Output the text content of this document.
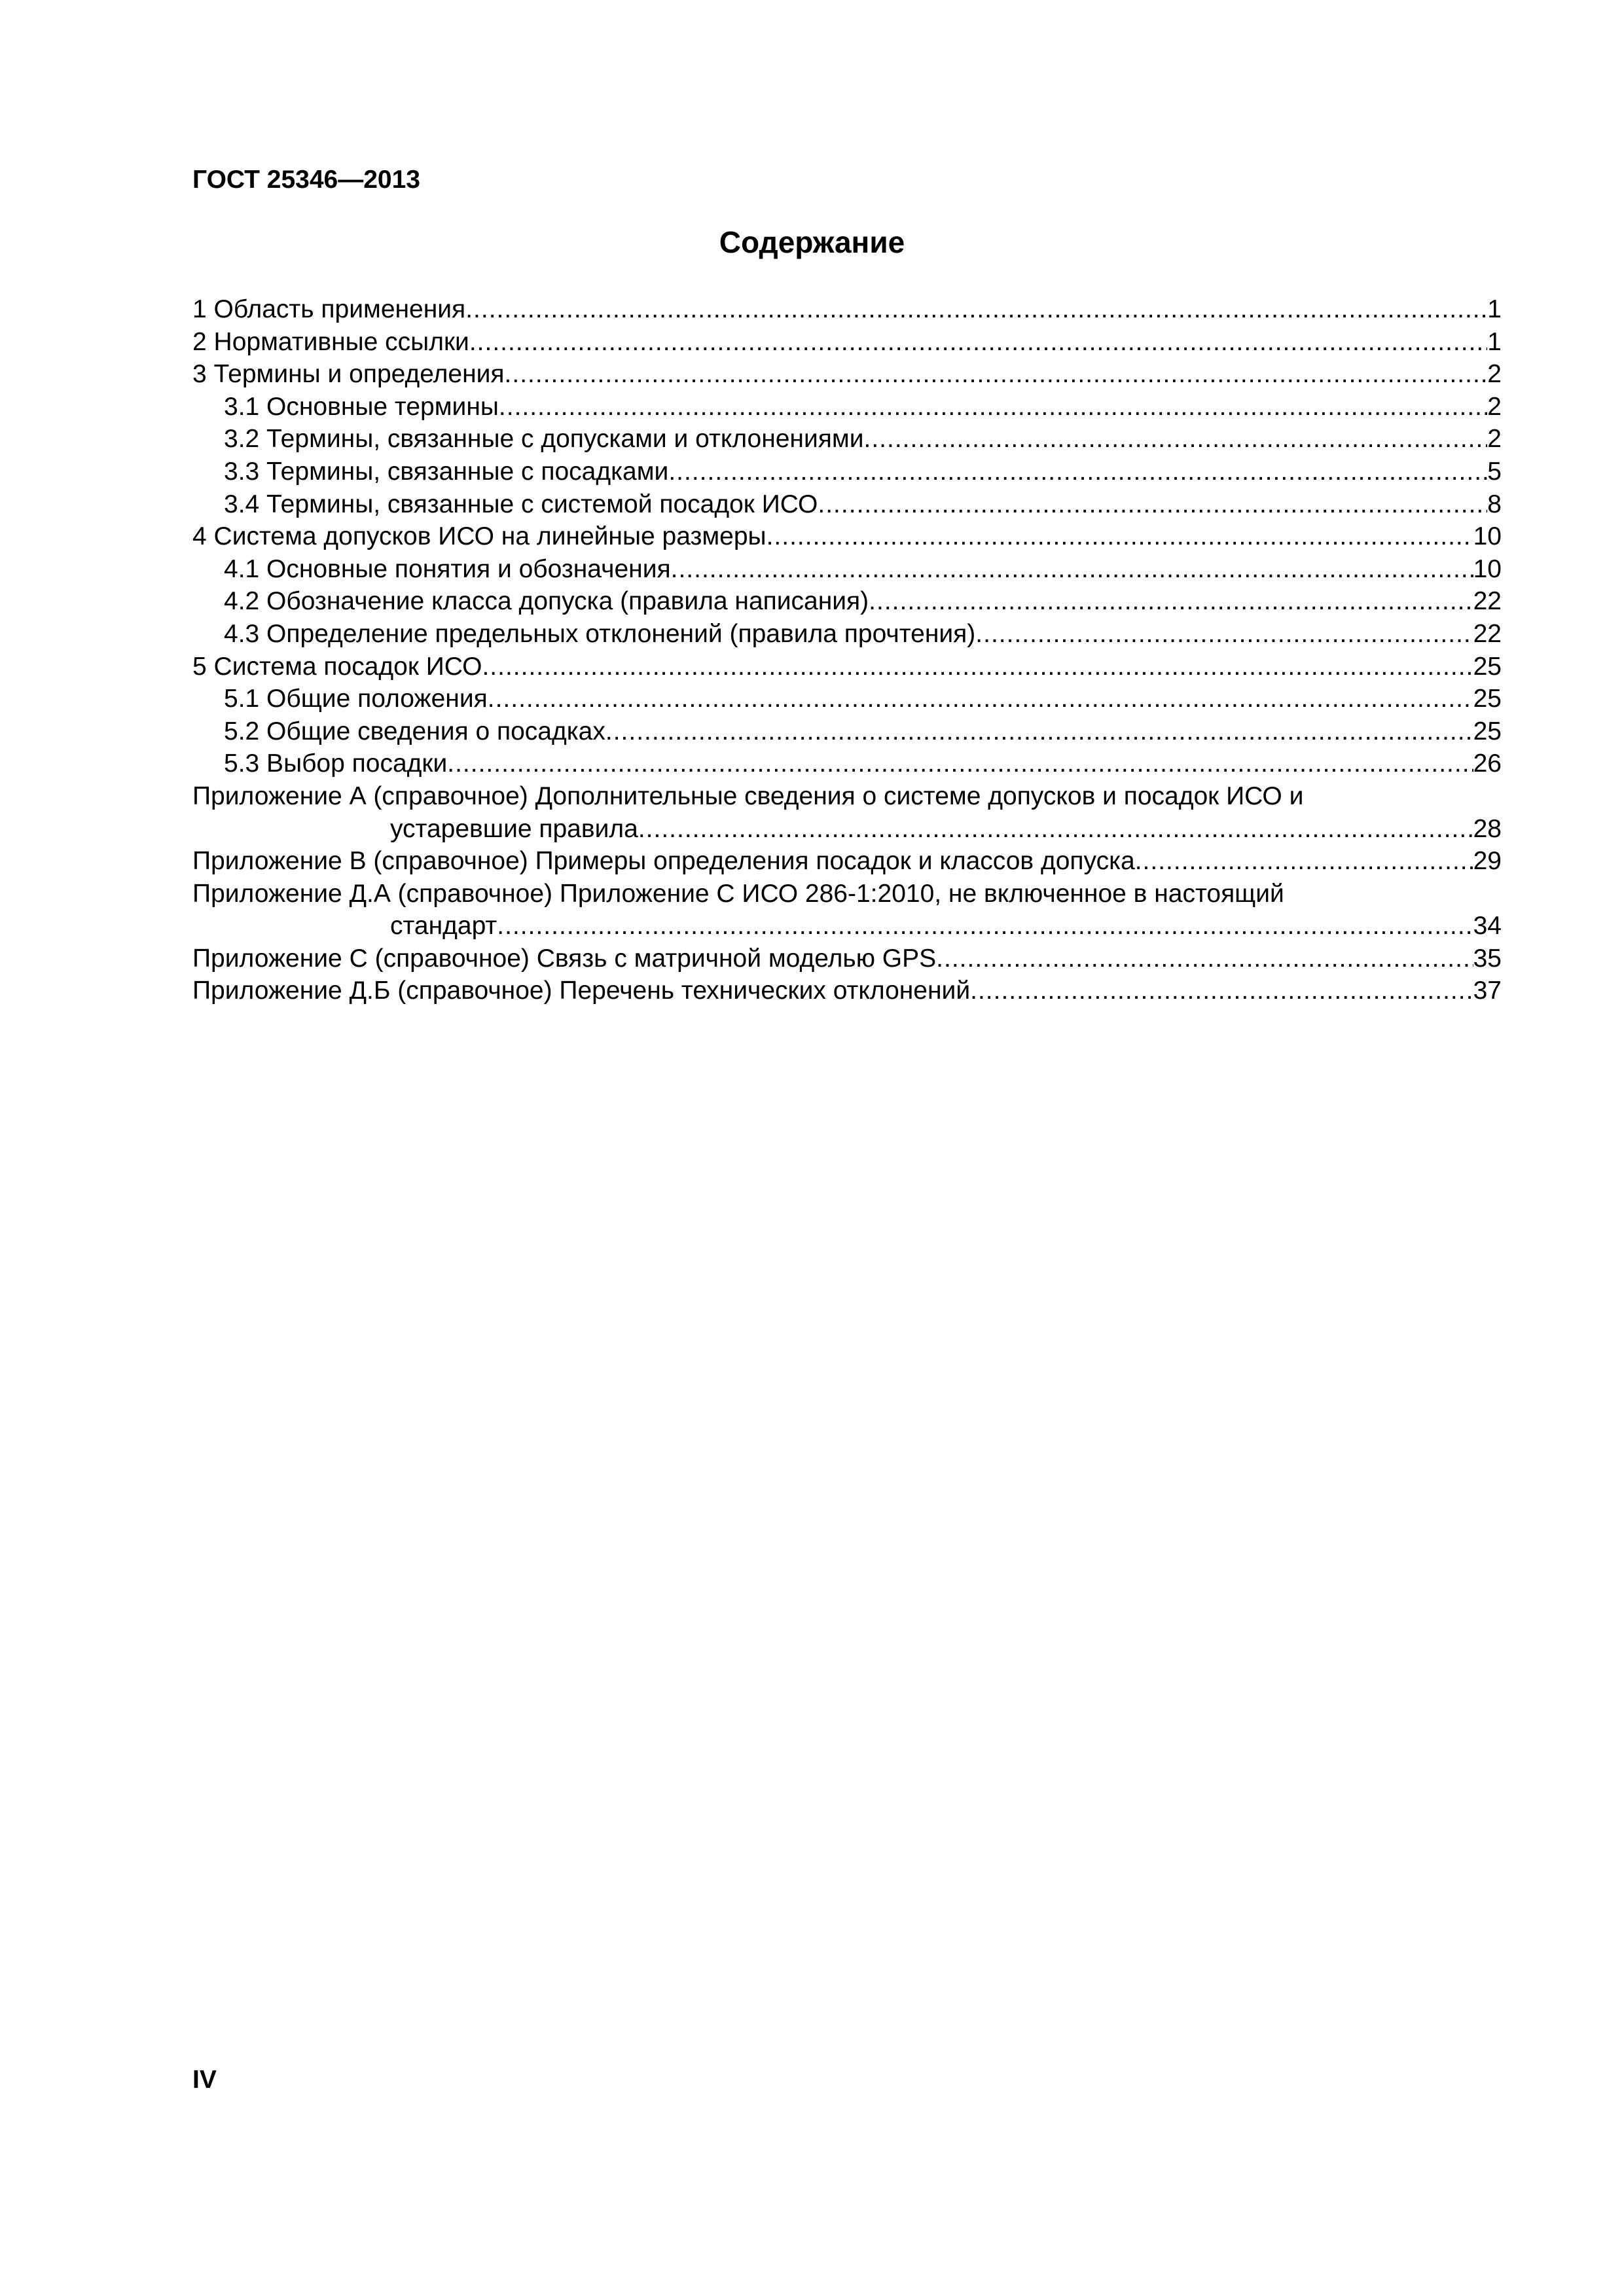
ГОСТ 25346—2013
Содержание
1 Область применения .....	1
2 Нормативные ссылки .....	1
3 Термины и определения .....	2
3.1 Основные термины .....	2
3.2 Термины, связанные с допусками и отклонениями .....	2
3.3 Термины, связанные с посадками .....	5
3.4 Термины, связанные с системой посадок ИСО .....	8
4 Система допусков ИСО на линейные размеры .....	10
4.1 Основные понятия и обозначения .....	10
4.2 Обозначение класса допуска (правила написания) .....	22
4.3 Определение предельных отклонений (правила прочтения) .....	22
5 Система посадок ИСО .....	25
5.1 Общие положения .....	25
5.2 Общие сведения о посадках .....	25
5.3 Выбор посадки .....	26
Приложение А (справочное) Дополнительные сведения о системе допусков и посадок ИСО и
устаревшие правила .....	28
Приложение В (справочное) Примеры определения посадок и классов допуска .....	29
Приложение Д.А (справочное) Приложение С ИСО 286-1:2010, не включенное в настоящий
стандарт .....	34
Приложение С (справочное) Связь с матричной моделью GPS .....	35
Приложение Д.Б (справочное) Перечень технических отклонений .....	37
IV
